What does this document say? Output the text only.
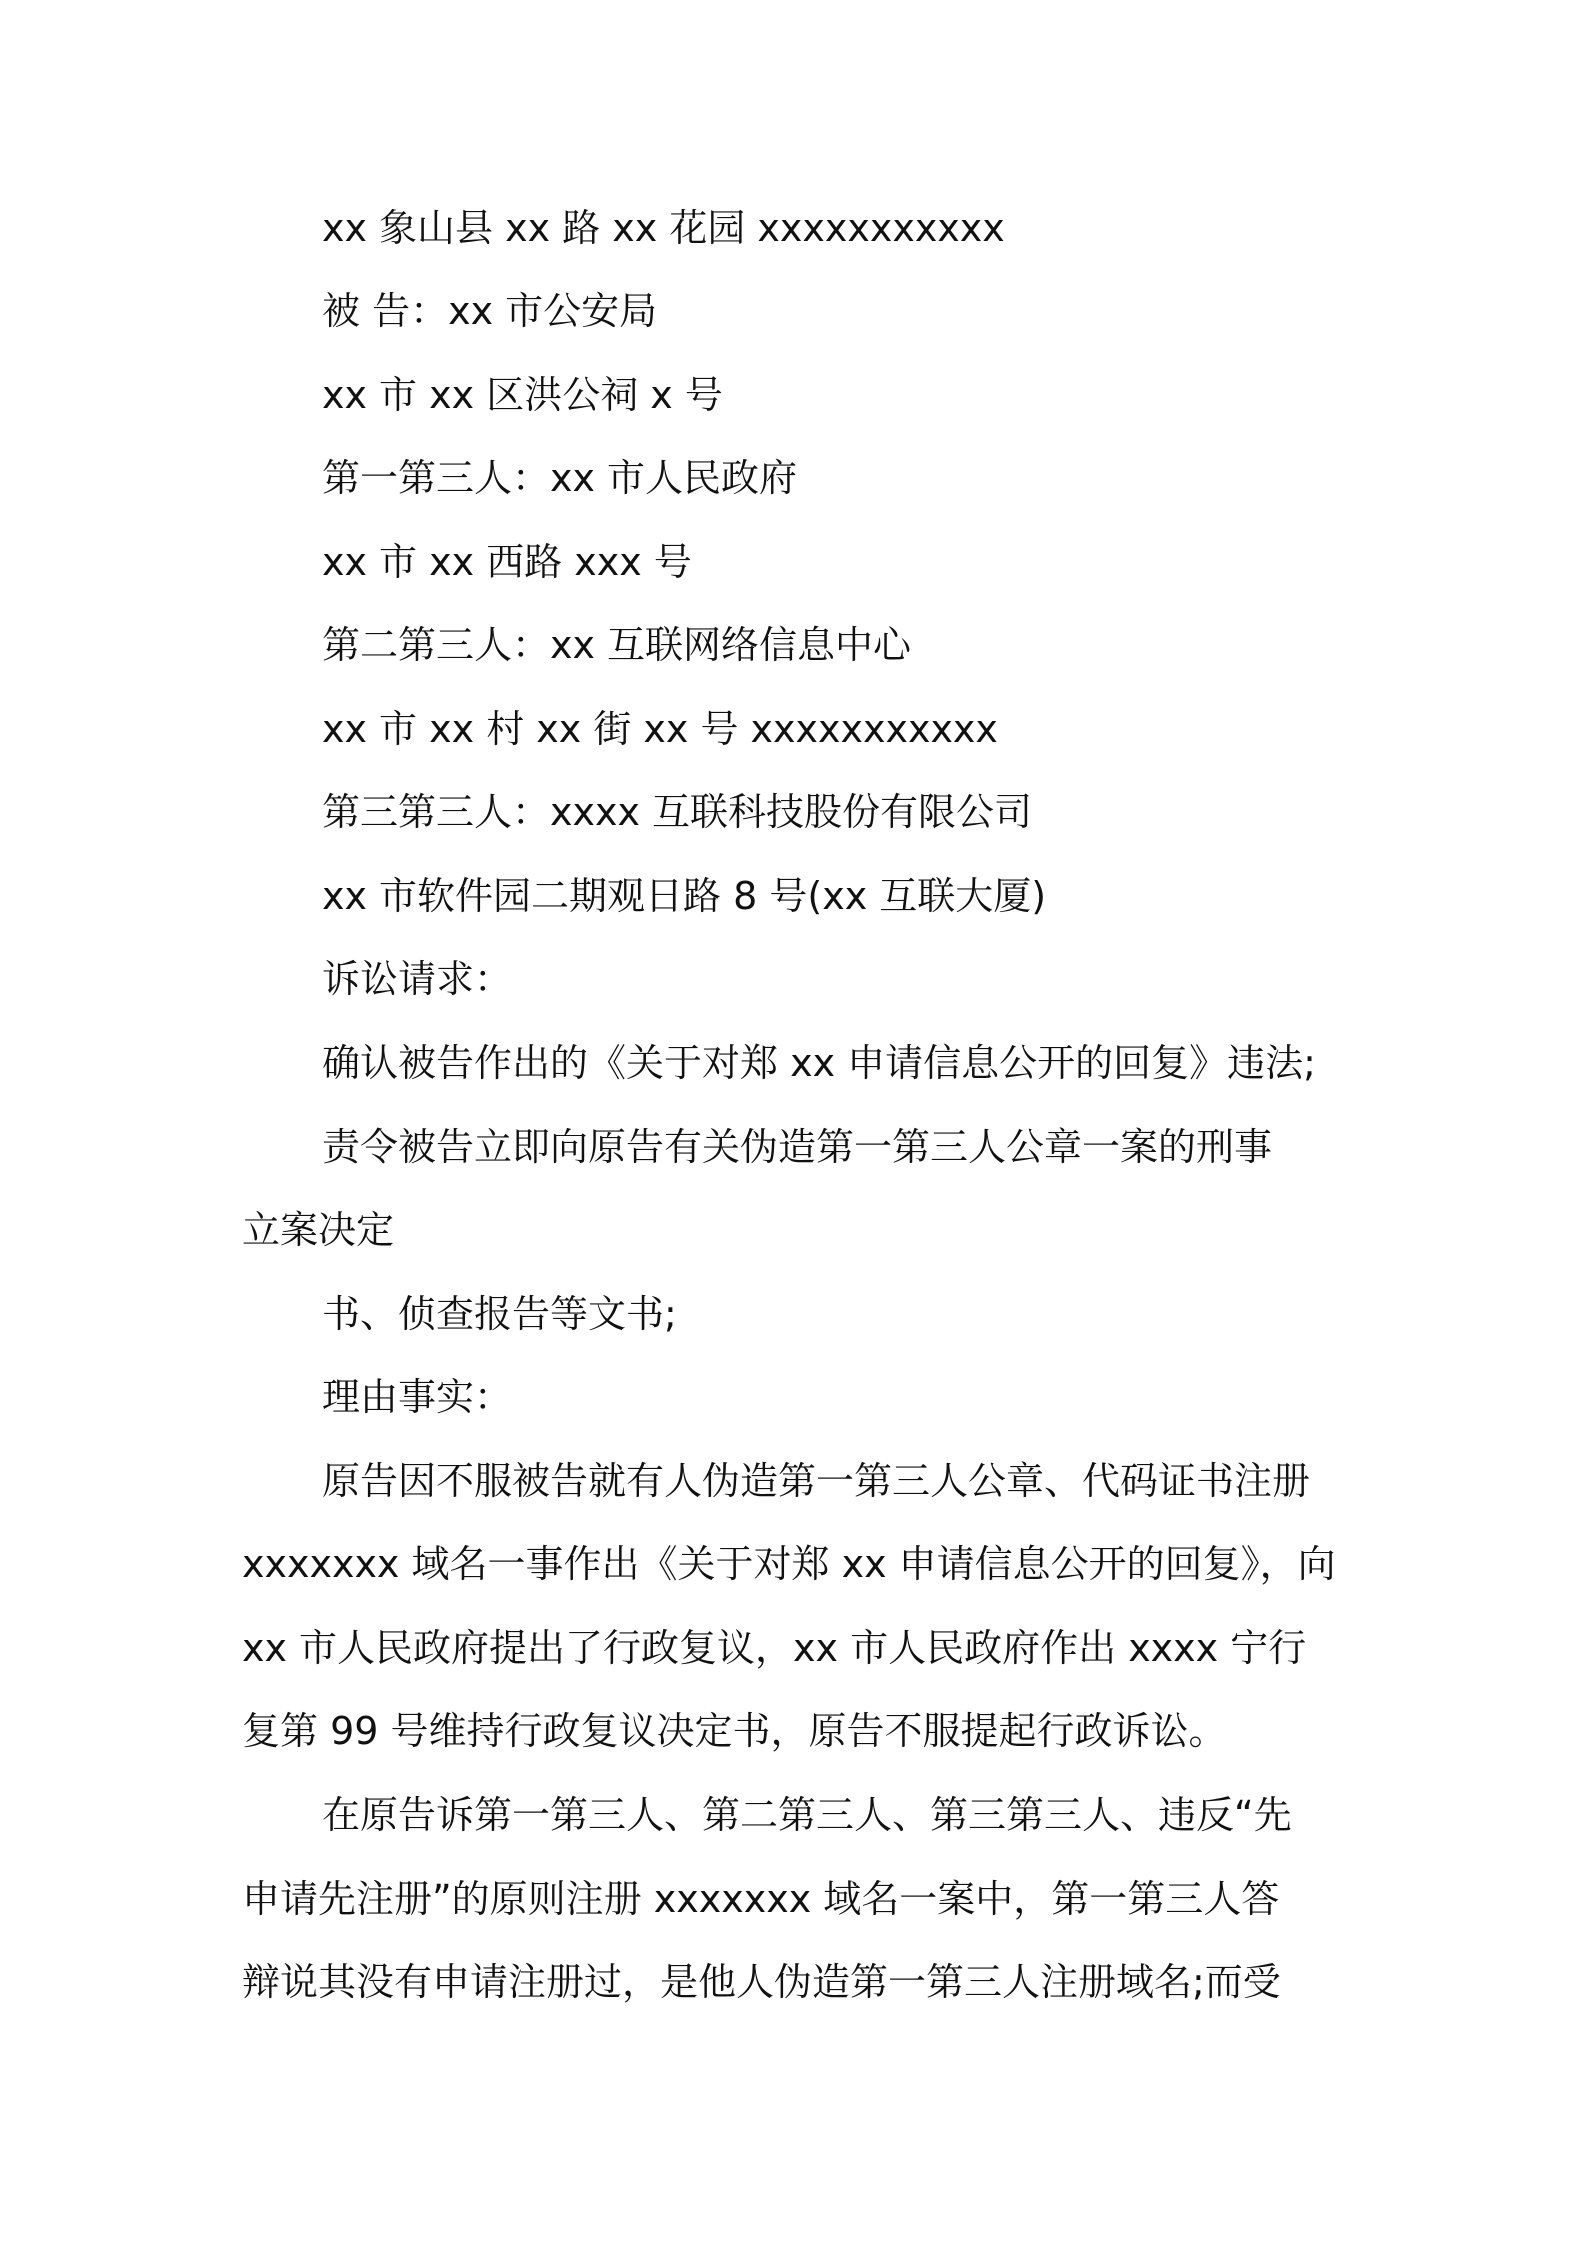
xx 象山县 xx 路 xx 花园 xxxxxxxxxxx

被 告：xx 市公安局

xx 市 xx 区洪公祠 x 号

第一第三人：xx 市人民政府

xx 市 xx 西路 xxx 号

第二第三人：xx 互联网络信息中心

xx 市 xx 村 xx 街 xx 号 xxxxxxxxxxx

第三第三人：xxxx 互联科技股份有限公司

xx 市软件园二期观日路 8 号(xx 互联大厦)

诉讼请求：

确认被告作出的《关于对郑 xx 申请信息公开的回复》违法;

责令被告立即向原告有关伪造第一第三人公章一案的刑事

立案决定

书、侦查报告等文书;

理由事实：

原告因不服被告就有人伪造第一第三人公章、代码证书注册

xxxxxxx 域名一事作出《关于对郑 xx 申请信息公开的回复》，向

xx 市人民政府提出了行政复议，xx 市人民政府作出 xxxx 宁行

复第 99 号维持行政复议决定书，原告不服提起行政诉讼。

在原告诉第一第三人、第二第三人、第三第三人、违反“先

申请先注册”的原则注册 xxxxxxx 域名一案中，第一第三人答

辩说其没有申请注册过，是他人伪造第一第三人注册域名;而受
